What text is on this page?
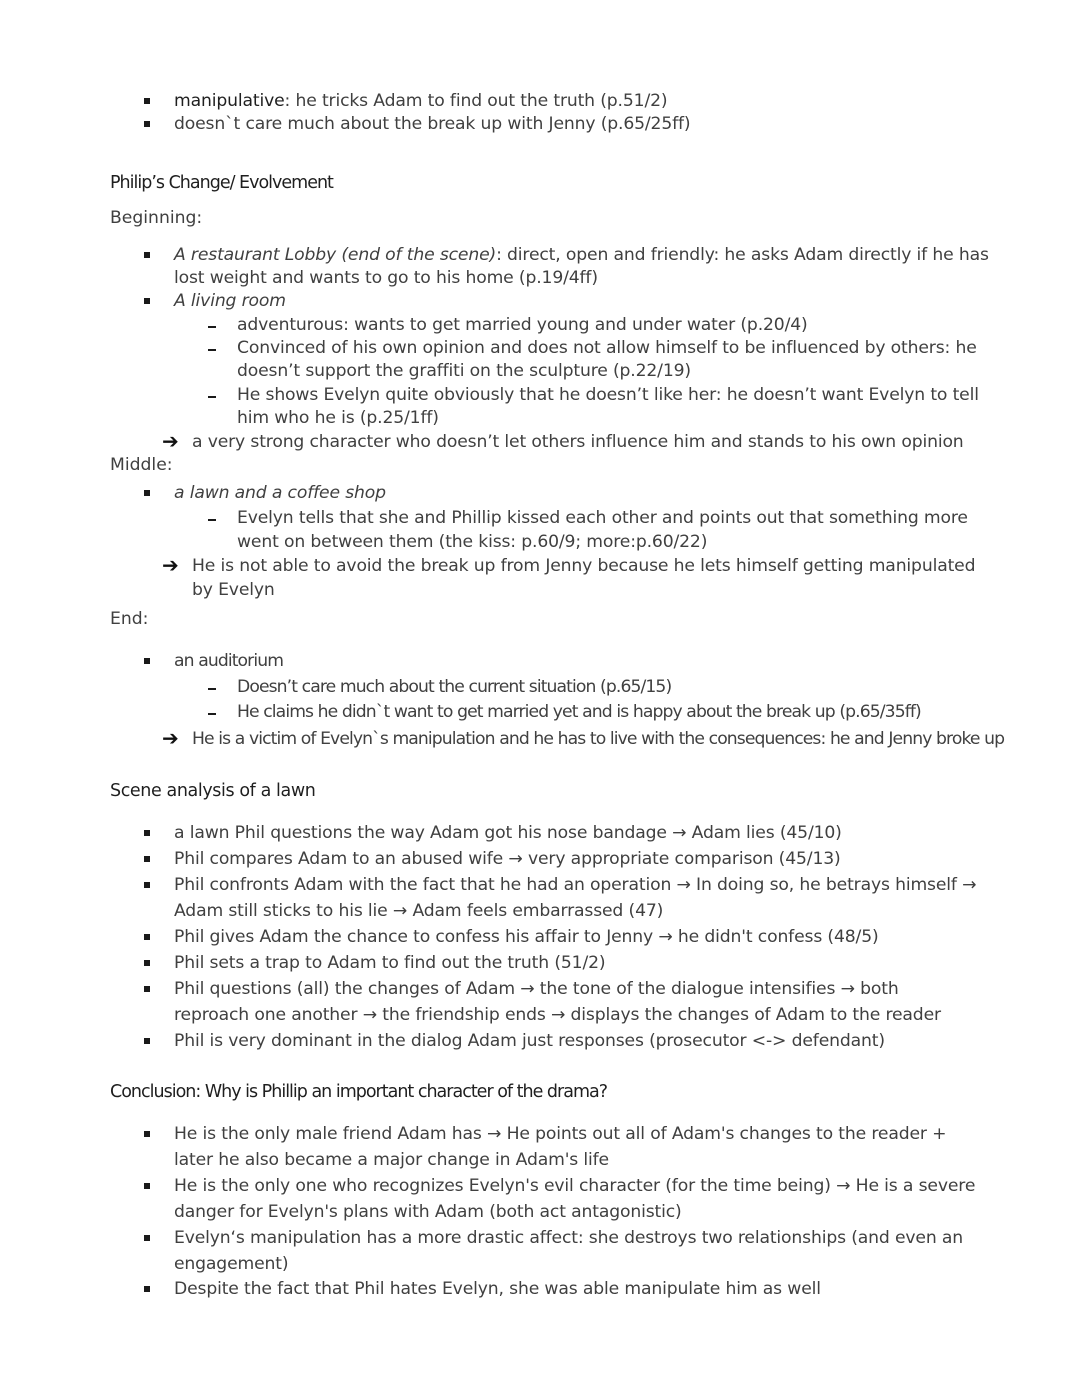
manipulative: he tricks Adam to find out the truth (p.51/2)
doesn`t care much about the break up with Jenny (p.65/25ff)
Philip’s Change/ Evolvement
Beginning:
A restaurant Lobby (end of the scene): direct, open and friendly: he asks Adam directly if he has
lost weight and wants to go to his home (p.19/4ff)
A living room
adventurous: wants to get married young and under water (p.20/4)
Convinced of his own opinion and does not allow himself to be influenced by others: he
doesn’t support the graffiti on the sculpture (p.22/19)
He shows Evelyn quite obviously that he doesn’t like her: he doesn’t want Evelyn to tell
him who he is (p.25/1ff)
➔ a very strong character who doesn’t let others influence him and stands to his own opinion
Middle:
a lawn and a coffee shop
Evelyn tells that she and Phillip kissed each other and points out that something more
went on between them (the kiss: p.60/9; more:p.60/22)
➔ He is not able to avoid the break up from Jenny because he lets himself getting manipulated
by Evelyn
End:
an auditorium
Doesn’t care much about the current situation (p.65/15)
He claims he didn`t want to get married yet and is happy about the break up (p.65/35ff)
➔ He is a victim of Evelyn`s manipulation and he has to live with the consequences: he and Jenny broke up
Scene analysis of a lawn
a lawn Phil questions the way Adam got his nose bandage → Adam lies (45/10)
Phil compares Adam to an abused wife → very appropriate comparison (45/13)
Phil confronts Adam with the fact that he had an operation → In doing so, he betrays himself →
Adam still sticks to his lie → Adam feels embarrassed (47)
Phil gives Adam the chance to confess his affair to Jenny → he didn't confess (48/5)
Phil sets a trap to Adam to find out the truth (51/2)
Phil questions (all) the changes of Adam → the tone of the dialogue intensifies → both
reproach one another → the friendship ends → displays the changes of Adam to the reader
Phil is very dominant in the dialog Adam just responses (prosecutor <-> defendant)
Conclusion: Why is Phillip an important character of the drama?
He is the only male friend Adam has → He points out all of Adam's changes to the reader +
later he also became a major change in Adam's life
He is the only one who recognizes Evelyn's evil character (for the time being) → He is a severe
danger for Evelyn's plans with Adam (both act antagonistic)
Evelyn‘s manipulation has a more drastic affect: she destroys two relationships (and even an
engagement)
Despite the fact that Phil hates Evelyn, she was able manipulate him as well
